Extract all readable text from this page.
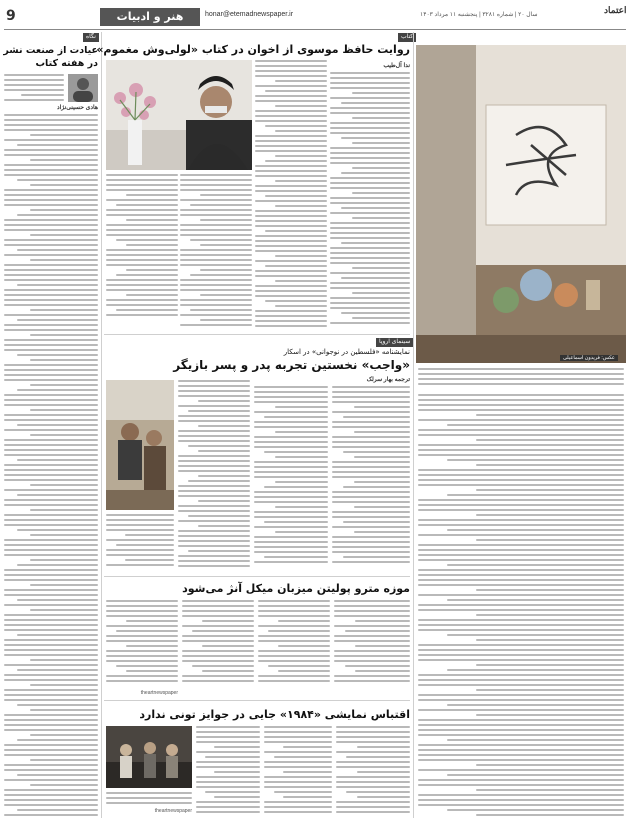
9	هنر و ادبیات	honar@etemadnewspaper.ir	سال ۲۰ | شماره ۳۲۸۱ | پنجشنبه ۱۱ مرداد ۱۴۰۳	اعتماد
نگاه
عیادت از صنعت نشر
در هفته کتاب
هادی حسینی‌نژاد
کتاب
روایت حافظ موسوی از اخوان در کتاب «لولی‌وش مغموم»
ندا آل‌طیب
عکس: فریدون اسماعیلی
سینمای اروپا
نمایشنامه «فلسطین در نوجوانی» در اسکار
«واجب» نخستین تجربه پدر و پسر بازیگر
ترجمه بهار سرلک
موزه مترو پولیتن میزبان میکل آنژ می‌شود
theartnewspaper
اقتباس نمایشی «۱۹۸۴» جایی در جوایز تونی ندارد
theartnewspaper
